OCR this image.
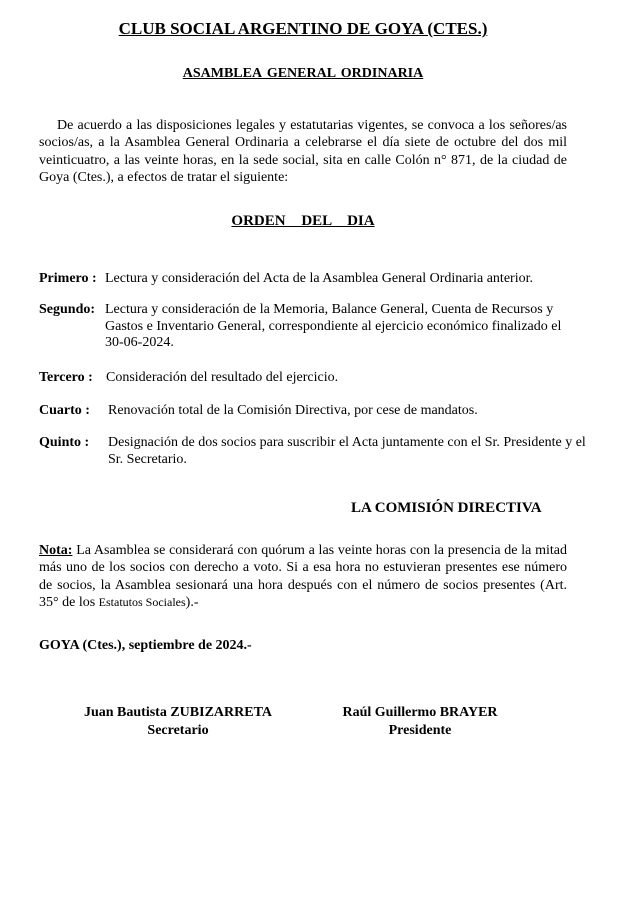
CLUB SOCIAL ARGENTINO DE GOYA (CTES.)
ASAMBLEA GENERAL ORDINARIA
De acuerdo a las disposiciones legales y estatutarias vigentes, se convoca a los señores/as socios/as, a la Asamblea General Ordinaria a celebrarse el día siete de octubre del dos mil veinticuatro, a las veinte horas, en la sede social, sita en calle Colón n° 871, de la ciudad de Goya (Ctes.), a efectos de tratar el siguiente:
ORDEN DEL DIA
Primero : Lectura y consideración del Acta de la Asamblea General Ordinaria anterior.
Segundo: Lectura y consideración de la Memoria, Balance General, Cuenta de Recursos y Gastos e Inventario General, correspondiente al ejercicio económico finalizado el 30-06-2024.
Tercero : Consideración del resultado del ejercicio.
Cuarto : Renovación total de la Comisión Directiva, por cese de mandatos.
Quinto : Designación de dos socios para suscribir el Acta juntamente con el Sr. Presidente y el Sr. Secretario.
LA COMISIÓN DIRECTIVA
Nota: La Asamblea se considerará con quórum a las veinte horas con la presencia de la mitad más uno de los socios con derecho a voto. Si a esa hora no estuvieran presentes ese número de socios, la Asamblea sesionará una hora después con el número de socios presentes (Art. 35° de los Estatutos Sociales).-
GOYA (Ctes.), septiembre de 2024.-
Juan Bautista ZUBIZARRETA
Secretario
Raúl Guillermo BRAYER
Presidente
